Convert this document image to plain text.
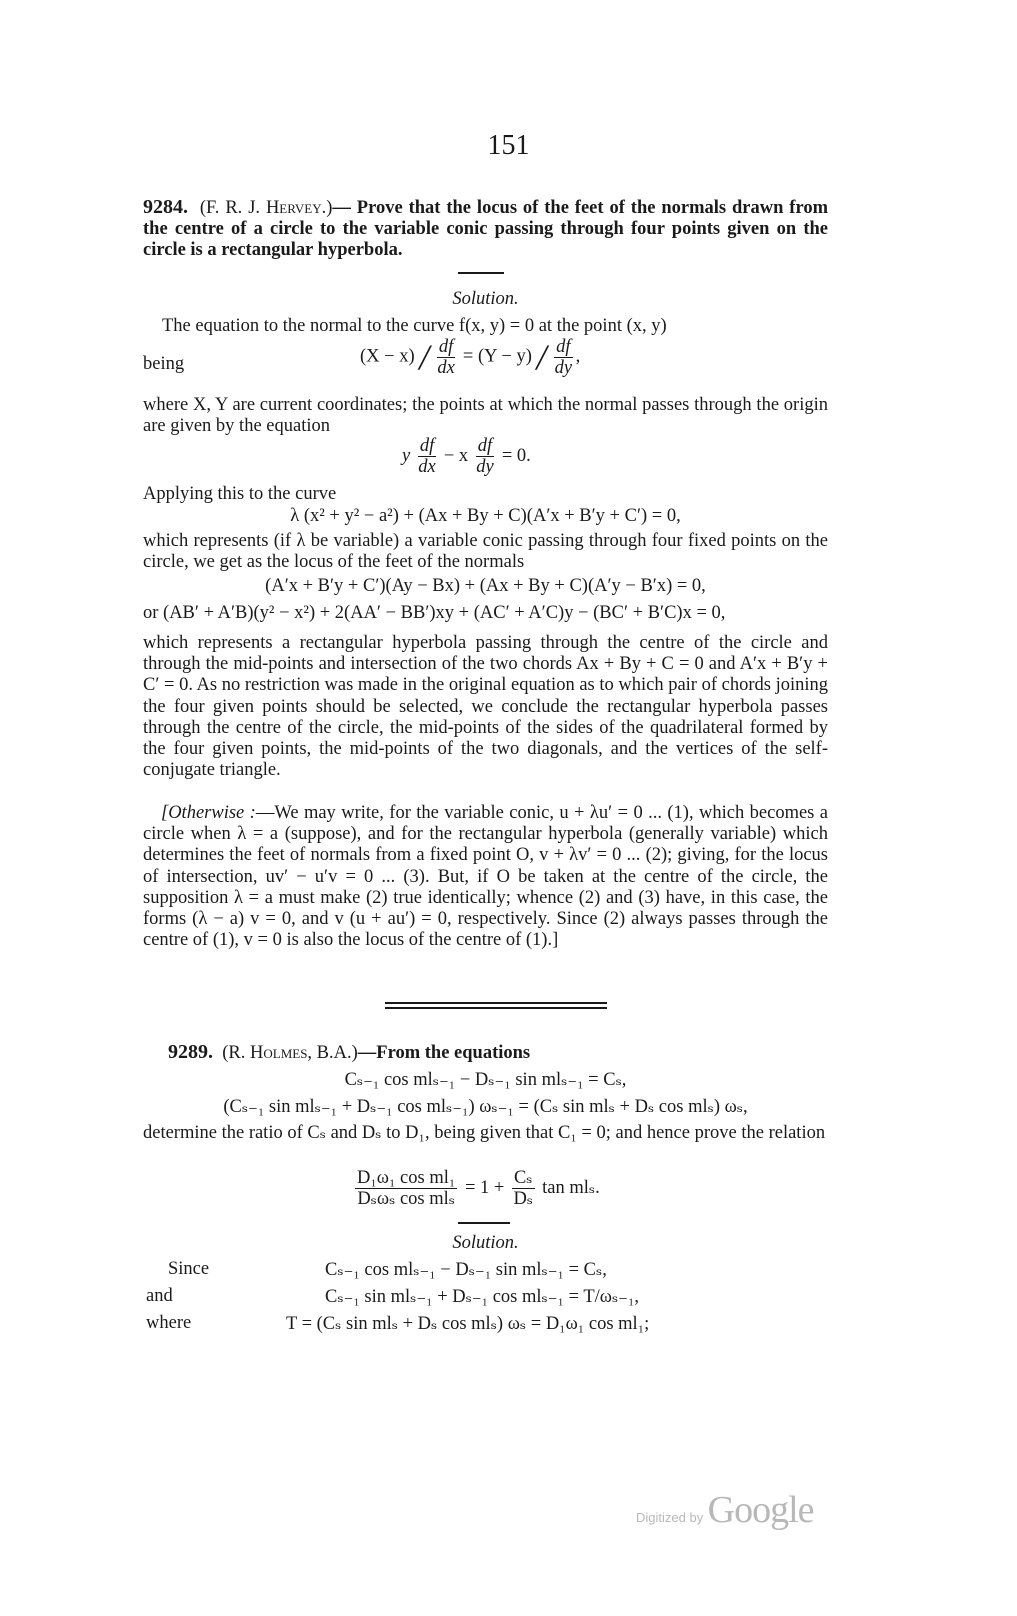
151
9284. (F. R. J. Hervey.)— Prove that the locus of the feet of the normals drawn from the centre of a circle to the variable conic passing through four points given on the circle is a rectangular hyperbola.
Solution.
The equation to the normal to the curve f(x, y) = 0 at the point (x, y)
being	$(X - x) / \frac{df}{dx} = (Y - y) / \frac{df}{dy}$ ,
where X, Y are current coordinates; the points at which the normal passes through the origin are given by the equation
y $\frac{df}{dx} - x \frac{df}{dy} = 0$.
Applying this to the curve
λ (x² + y² − a²) + (Ax + By + C)(A′x + B′y + C′) = 0,
which represents (if λ be variable) a variable conic passing through four fixed points on the circle, we get as the locus of the feet of the normals
(A′x + B′y + C′)(Ay − Bx) + (Ax + By + C)(A′y − B′x) = 0,
or (AB′ + A′B)(y² − x²) + 2(AA′ − BB′)xy + (AC′ + A′C)y − (BC′ + B′C)x = 0,
which represents a rectangular hyperbola passing through the centre of the circle and through the mid-points and intersection of the two chords Ax + By + C = 0 and A′x + B′y + C′ = 0. As no restriction was made in the original equation as to which pair of chords joining the four given points should be selected, we conclude the rectangular hyperbola passes through the centre of the circle, the mid-points of the sides of the quadrilateral formed by the four given points, the mid-points of the two diagonals, and the vertices of the self-conjugate triangle.
[Otherwise :—We may write, for the variable conic, u + λu′ = 0 ... (1), which becomes a circle when λ = a (suppose), and for the rectangular hyperbola (generally variable) which determines the feet of normals from a fixed point O, v + λv′ = 0 ... (2); giving, for the locus of intersection, uv′ − u′v = 0 ... (3). But, if O be taken at the centre of the circle, the supposition λ = a must make (2) true identically; whence (2) and (3) have, in this case, the forms (λ − a) v = 0, and v (u + au′) = 0, respectively. Since (2) always passes through the centre of (1), v = 0 is also the locus of the centre of (1).]
9289. (R. Holmes, B.A.)—From the equations
Cₛ₋₁ cos mlₛ₋₁ − Dₛ₋₁ sin mlₛ₋₁ = Cₛ,
(Cₛ₋₁ sin mlₛ₋₁ + Dₛ₋₁ cos mlₛ₋₁) ωₛ₋₁ = (Cₛ sin mlₛ + Dₛ cos mlₛ) ωₛ,
determine the ratio of Cₛ and Dₛ to D₁, being given that C₁ = 0; and hence prove the relation
$\frac{\text{D₁ω₁ cos ml₁}}{\text{Dₛωₛ cos mlₛ}} = 1 + \frac{\text{Cₛ}}{\text{Dₛ}}$ tan mlₛ.
Solution.
Since	Cₛ₋₁ cos mlₛ₋₁ − Dₛ₋₁ sin mlₛ₋₁ = Cₛ,
and	Cₛ₋₁ sin mlₛ₋₁ + Dₛ₋₁ cos mlₛ₋₁ = T/ωₛ₋₁,
where	T = (Cₛ sin mlₛ + Dₛ cos mlₛ) ωₛ = D₁ω₁ cos ml₁;
Digitized by Google
